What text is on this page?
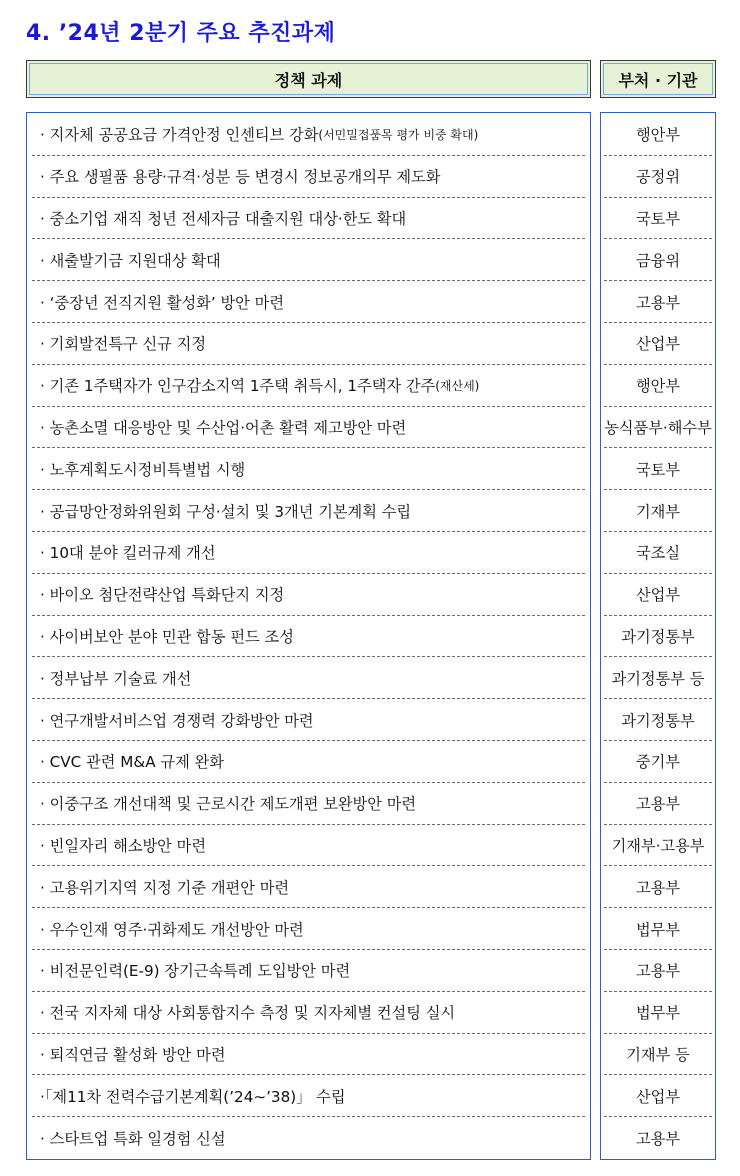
4. ’24년 2분기 주요 추진과제
정책 과제	부처 · 기관
· 지자체 공공요금 가격안정 인센티브 강화 (서민밀접품목 평가 비중 확대)	행안부
· 주요 생필품 용량·규격·성분 등 변경시 정보공개의무 제도화	공정위
· 중소기업 재직 청년 전세자금 대출지원 대상·한도 확대	국토부
· 새출발기금 지원대상 확대	금융위
· ‘중장년 전직지원 활성화’ 방안 마련	고용부
· 기회발전특구 신규 지정	산업부
· 기존 1주택자가 인구감소지역 1주택 취득시, 1주택자 간주 (재산세)	행안부
· 농촌소멸 대응방안 및 수산업·어촌 활력 제고방안 마련	농식품부·해수부
· 노후계획도시정비특별법 시행	국토부
· 공급망안정화위원회 구성·설치 및 3개년 기본계획 수립	기재부
· 10대 분야 킬러규제 개선	국조실
· 바이오 첨단전략산업 특화단지 지정	산업부
· 사이버보안 분야 민관 합동 펀드 조성	과기정통부
· 정부납부 기술료 개선	과기정통부 등
· 연구개발서비스업 경쟁력 강화방안 마련	과기정통부
· CVC 관련 M&A 규제 완화	중기부
· 이중구조 개선대책 및 근로시간 제도개편 보완방안 마련	고용부
· 빈일자리 해소방안 마련	기재부·고용부
· 고용위기지역 지정 기준 개편안 마련	고용부
· 우수인재 영주·귀화제도 개선방안 마련	법무부
· 비전문인력(E-9) 장기근속특례 도입방안 마련	고용부
· 전국 지자체 대상 사회통합지수 측정 및 지자체별 컨설팅 실시	법무부
· 퇴직연금 활성화 방안 마련	기재부 등
·「제11차 전력수급기본계획(’24∼’38)」 수립	산업부
· 스타트업 특화 일경험 신설	고용부
